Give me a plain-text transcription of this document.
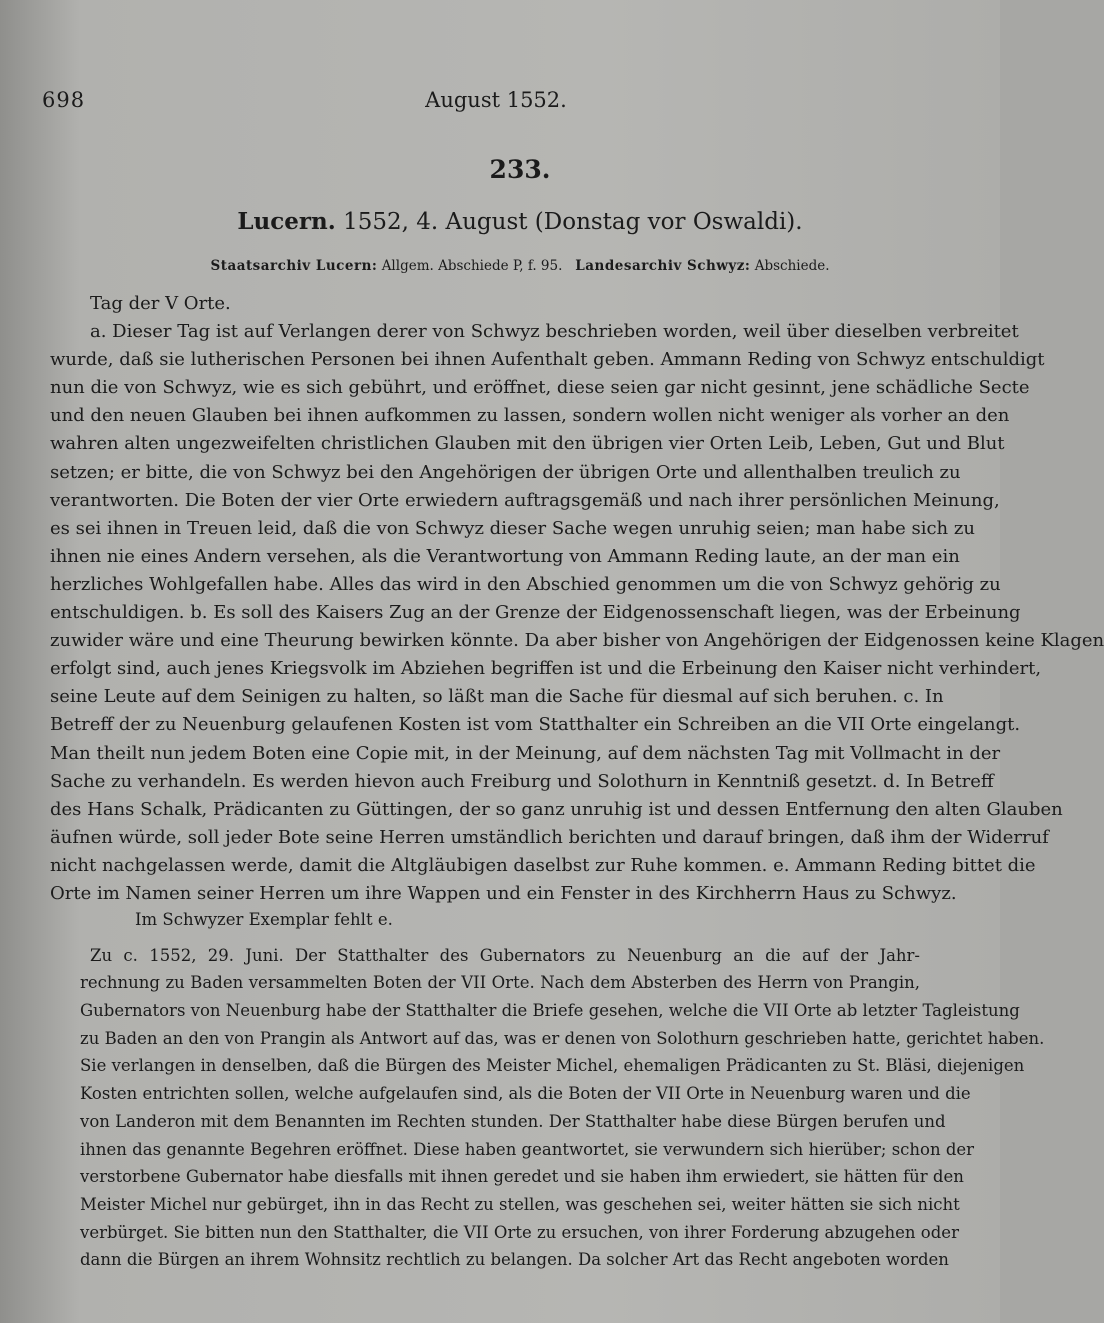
698	August 1552.
233.
Lucern. 1552, 4. August (Donstag vor Oswaldi).
Staatsarchiv Lucern: Allgem. Abschiede P, f. 95. Landesarchiv Schwyz: Abschiede.
Tag der V Orte.
a. Dieser Tag ist auf Verlangen derer von Schwyz beschrieben worden, weil über dieselben verbreitet
wurde, daß sie lutherischen Personen bei ihnen Aufenthalt geben. Ammann Reding von Schwyz entschuldigt
nun die von Schwyz, wie es sich gebührt, und eröffnet, diese seien gar nicht gesinnt, jene schädliche Secte
und den neuen Glauben bei ihnen aufkommen zu lassen, sondern wollen nicht weniger als vorher an den
wahren alten ungezweifelten christlichen Glauben mit den übrigen vier Orten Leib, Leben, Gut und Blut
setzen; er bitte, die von Schwyz bei den Angehörigen der übrigen Orte und allenthalben treulich zu
verantworten. Die Boten der vier Orte erwiedern auftragsgemäß und nach ihrer persönlichen Meinung,
es sei ihnen in Treuen leid, daß die von Schwyz dieser Sache wegen unruhig seien; man habe sich zu
ihnen nie eines Andern versehen, als die Verantwortung von Ammann Reding laute, an der man ein
herzliches Wohlgefallen habe. Alles das wird in den Abschied genommen um die von Schwyz gehörig zu
entschuldigen. b. Es soll des Kaisers Zug an der Grenze der Eidgenossenschaft liegen, was der Erbeinung
zuwider wäre und eine Theurung bewirken könnte. Da aber bisher von Angehörigen der Eidgenossen keine Klagen
erfolgt sind, auch jenes Kriegsvolk im Abziehen begriffen ist und die Erbeinung den Kaiser nicht verhindert,
seine Leute auf dem Seinigen zu halten, so läßt man die Sache für diesmal auf sich beruhen. c. In
Betreff der zu Neuenburg gelaufenen Kosten ist vom Statthalter ein Schreiben an die VII Orte eingelangt.
Man theilt nun jedem Boten eine Copie mit, in der Meinung, auf dem nächsten Tag mit Vollmacht in der
Sache zu verhandeln. Es werden hievon auch Freiburg und Solothurn in Kenntniß gesetzt. d. In Betreff
des Hans Schalk, Prädicanten zu Güttingen, der so ganz unruhig ist und dessen Entfernung den alten Glauben
äufnen würde, soll jeder Bote seine Herren umständlich berichten und darauf bringen, daß ihm der Widerruf
nicht nachgelassen werde, damit die Altgläubigen daselbst zur Ruhe kommen. e. Ammann Reding bittet die
Orte im Namen seiner Herren um ihre Wappen und ein Fenster in des Kirchherrn Haus zu Schwyz.
Im Schwyzer Exemplar fehlt e.
Zu c. 1552, 29. Juni. Der Statthalter des Gubernators zu Neuenburg an die auf der Jahr-
rechnung zu Baden versammelten Boten der VII Orte. Nach dem Absterben des Herrn von Prangin,
Gubernators von Neuenburg habe der Statthalter die Briefe gesehen, welche die VII Orte ab letzter Tagleistung
zu Baden an den von Prangin als Antwort auf das, was er denen von Solothurn geschrieben hatte, gerichtet haben.
Sie verlangen in denselben, daß die Bürgen des Meister Michel, ehemaligen Prädicanten zu St. Bläsi, diejenigen
Kosten entrichten sollen, welche aufgelaufen sind, als die Boten der VII Orte in Neuenburg waren und die
von Landeron mit dem Benannten im Rechten stunden. Der Statthalter habe diese Bürgen berufen und
ihnen das genannte Begehren eröffnet. Diese haben geantwortet, sie verwundern sich hierüber; schon der
verstorbene Gubernator habe diesfalls mit ihnen geredet und sie haben ihm erwiedert, sie hätten für den
Meister Michel nur gebürget, ihn in das Recht zu stellen, was geschehen sei, weiter hätten sie sich nicht
verbürget. Sie bitten nun den Statthalter, die VII Orte zu ersuchen, von ihrer Forderung abzugehen oder
dann die Bürgen an ihrem Wohnsitz rechtlich zu belangen. Da solcher Art das Recht angeboten worden
